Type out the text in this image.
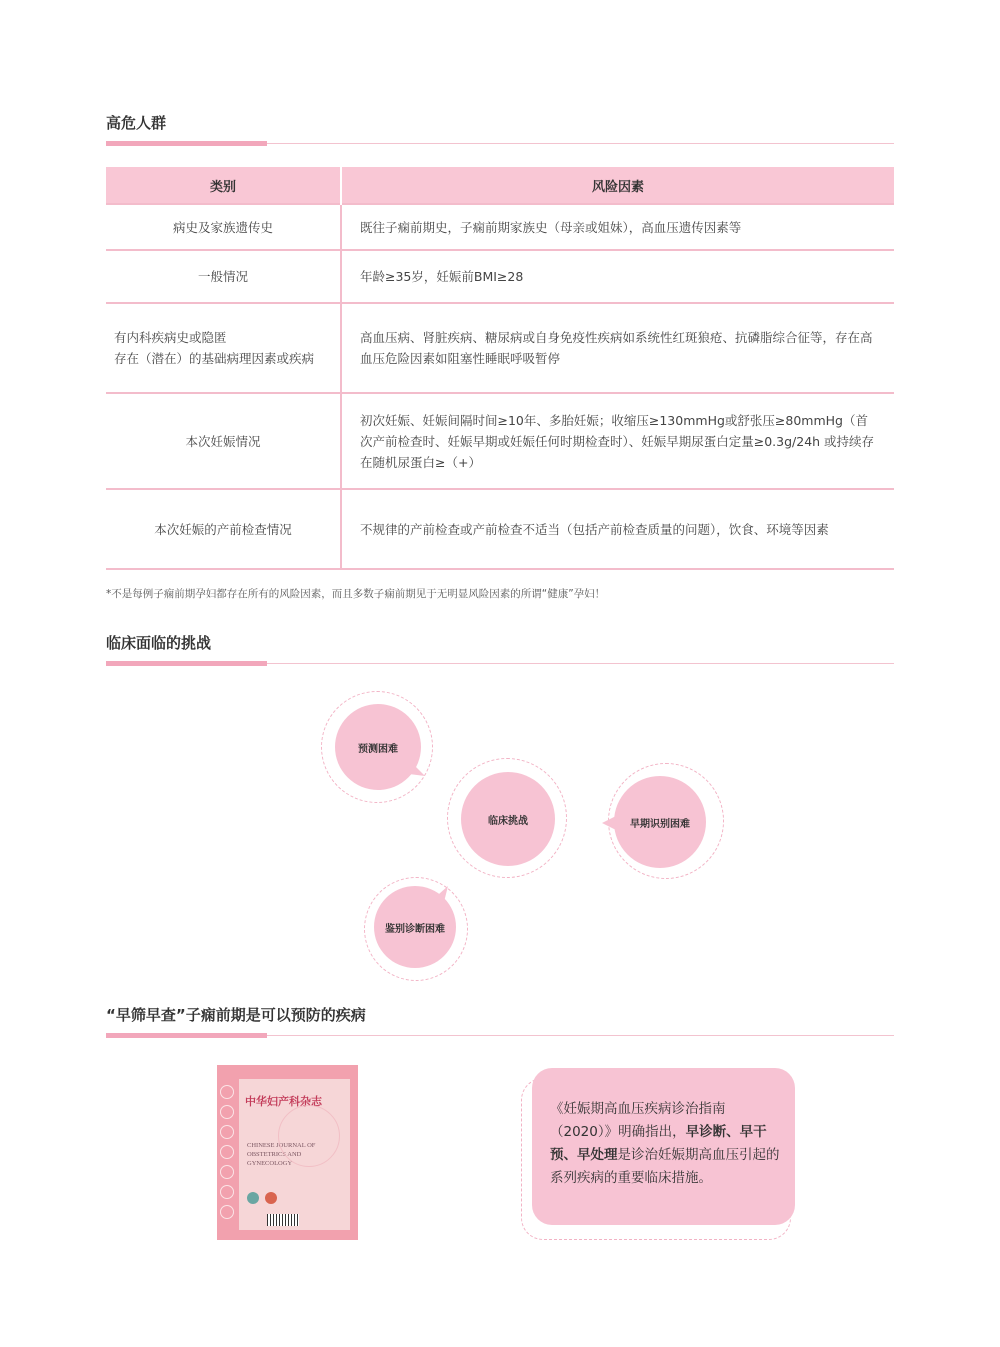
高危人群
类别	风险因素
病史及家族遗传史	既往子痫前期史，子痫前期家族史（母亲或姐妹），高血压遗传因素等
一般情况	年龄≥35岁，妊娠前BMI≥28
有内科疾病史或隐匿
存在（潜在）的基础病理因素或疾病	高血压病、肾脏疾病、糖尿病或自身免疫性疾病如系统性红斑狼疮、抗磷脂综合征等，存在高血压危险因素如阻塞性睡眠呼吸暂停
本次妊娠情况	初次妊娠、妊娠间隔时间≥10年、多胎妊娠；收缩压≥130mmHg或舒张压≥80mmHg（首次产前检查时、妊娠早期或妊娠任何时期检查时）、妊娠早期尿蛋白定量≥0.3g/24h 或持续存在随机尿蛋白≥（+）
本次妊娠的产前检查情况	不规律的产前检查或产前检查不适当（包括产前检查质量的问题），饮食、环境等因素
*不是每例子痫前期孕妇都存在所有的风险因素，而且多数子痫前期见于无明显风险因素的所谓“健康”孕妇！
临床面临的挑战
预测困难
临床挑战	早期识别困难
鉴别诊断困难
“早筛早查”子痫前期是可以预防的疾病
中华妇产科杂志
CHINESE JOURNAL OF OBSTETRICS AND GYNECOLOGY
《妊娠期高血压疾病诊治指南（2020）》明确指出，早诊断、早干预、早处理是诊治妊娠期高血压引起的系列疾病的重要临床措施。
